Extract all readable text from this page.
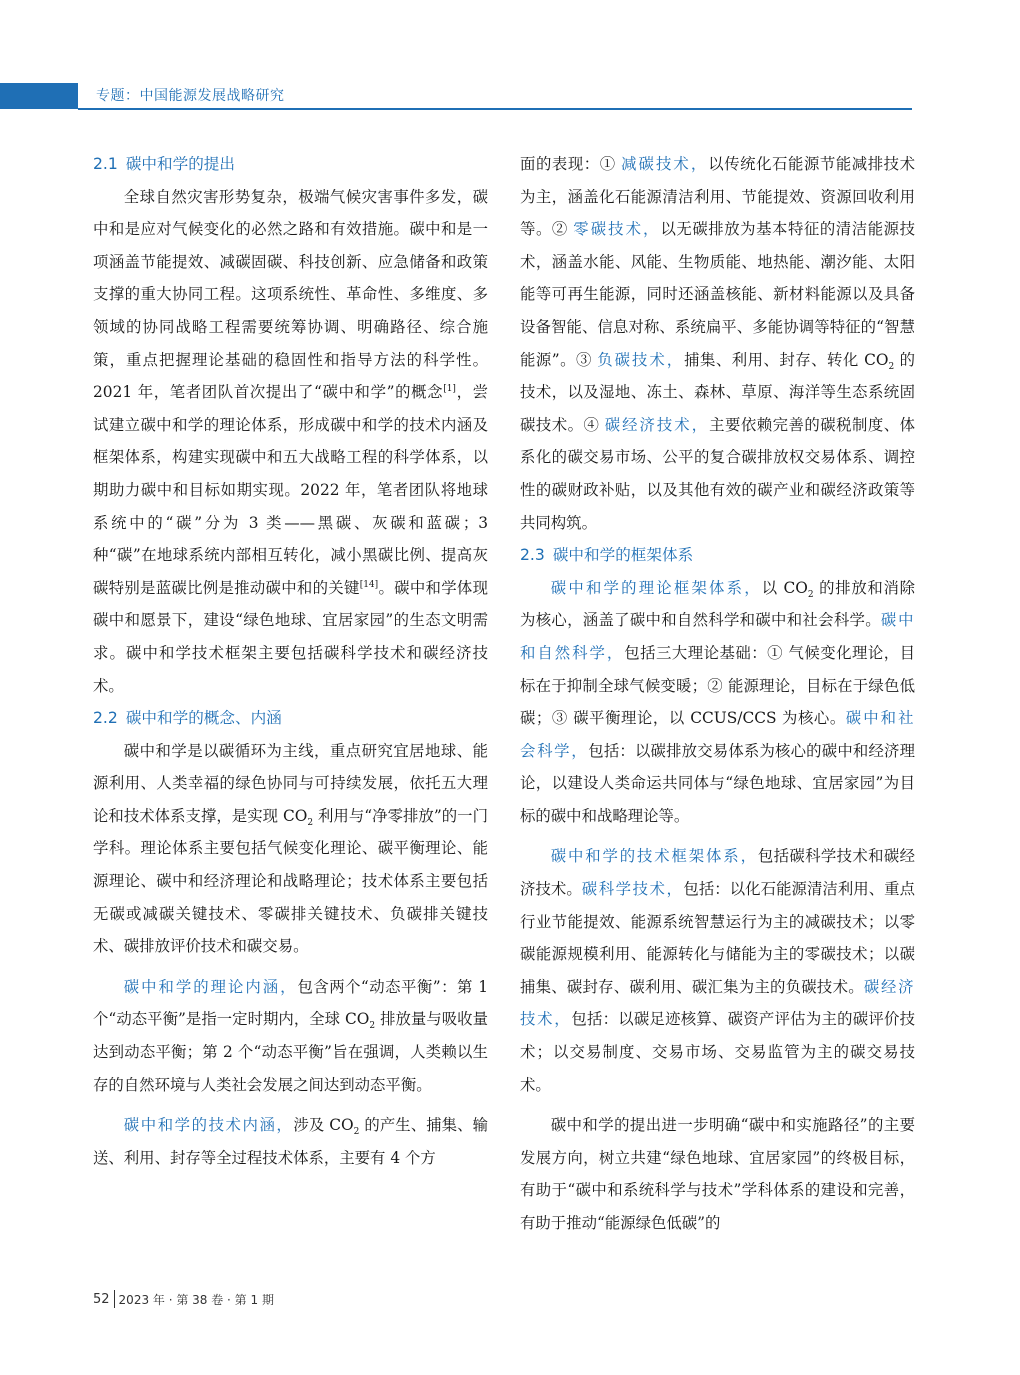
专题：中国能源发展战略研究
2.1 碳中和学的提出

全球自然灾害形势复杂，极端气候灾害事件多发，碳中和是应对气候变化的必然之路和有效措施。碳中和是一项涵盖节能提效、减碳固碳、科技创新、应急储备和政策支撑的重大协同工程。这项系统性、革命性、多维度、多领域的协同战略工程需要统筹协调、明确路径、综合施策，重点把握理论基础的稳固性和指导方法的科学性。2021 年，笔者团队首次提出了“碳中和学”的概念[1]，尝试建立碳中和学的理论体系，形成碳中和学的技术内涵及框架体系，构建实现碳中和五大战略工程的科学体系，以期助力碳中和目标如期实现。2022 年，笔者团队将地球系统中的“碳”分为 3 类——黑碳、灰碳和蓝碳；3 种“碳”在地球系统内部相互转化，减小黑碳比例、提高灰碳特别是蓝碳比例是推动碳中和的关键[14]。碳中和学体现碳中和愿景下，建设“绿色地球、宜居家园”的生态文明需求。碳中和学技术框架主要包括碳科学技术和碳经济技术。

2.2 碳中和学的概念、内涵

碳中和学是以碳循环为主线，重点研究宜居地球、能源利用、人类幸福的绿色协同与可持续发展，依托五大理论和技术体系支撑，是实现 $CO_2$ 利用与“净零排放”的一门学科。理论体系主要包括气候变化理论、碳平衡理论、能源理论、碳中和经济理论和战略理论；技术体系主要包括无碳或减碳关键技术、零碳排关键技术、负碳排关键技术、碳排放评价技术和碳交易。

碳中和学的理论内涵，包含两个“动态平衡”：第 1 个“动态平衡”是指一定时期内，全球 $CO_2$ 排放量与吸收量达到动态平衡；第 2 个“动态平衡”旨在强调，人类赖以生存的自然环境与人类社会发展之间达到动态平衡。

碳中和学的技术内涵，涉及 $CO_2$ 的产生、捕集、输送、利用、封存等全过程技术体系，主要有 4 个方

面的表现：① 减碳技术，以传统化石能源节能减排技术为主，涵盖化石能源清洁利用、节能提效、资源回收利用等。② 零碳技术，以无碳排放为基本特征的清洁能源技术，涵盖水能、风能、生物质能、地热能、潮汐能、太阳能等可再生能源，同时还涵盖核能、新材料能源以及具备设备智能、信息对称、系统扁平、多能协调等特征的“智慧能源”。③ 负碳技术，捕集、利用、封存、转化 $CO_2$ 的技术，以及湿地、冻土、森林、草原、海洋等生态系统固碳技术。④ 碳经济技术，主要依赖完善的碳税制度、体系化的碳交易市场、公平的复合碳排放权交易体系、调控性的碳财政补贴，以及其他有效的碳产业和碳经济政策等共同构筑。

2.3 碳中和学的框架体系

碳中和学的理论框架体系，以 $CO_2$ 的排放和消除为核心，涵盖了碳中和自然科学和碳中和社会科学。碳中和自然科学，包括三大理论基础：① 气候变化理论，目标在于抑制全球气候变暖；② 能源理论，目标在于绿色低碳；③ 碳平衡理论，以 CCUS/CCS 为核心。碳中和社会科学，包括：以碳排放交易体系为核心的碳中和经济理论，以建设人类命运共同体与“绿色地球、宜居家园”为目标的碳中和战略理论等。

碳中和学的技术框架体系，包括碳科学技术和碳经济技术。碳科学技术，包括：以化石能源清洁利用、重点行业节能提效、能源系统智慧运行为主的减碳技术；以零碳能源规模利用、能源转化与储能为主的零碳技术；以碳捕集、碳封存、碳利用、碳汇集为主的负碳技术。碳经济技术，包括：以碳足迹核算、碳资产评估为主的碳评价技术；以交易制度、交易市场、交易监管为主的碳交易技术。

碳中和学的提出进一步明确“碳中和实施路径”的主要发展方向，树立共建“绿色地球、宜居家园”的终极目标，有助于“碳中和系统科学与技术”学科体系的建设和完善，有助于推动“能源绿色低碳”的

52 2023 年 · 第 38 卷 · 第 1 期
